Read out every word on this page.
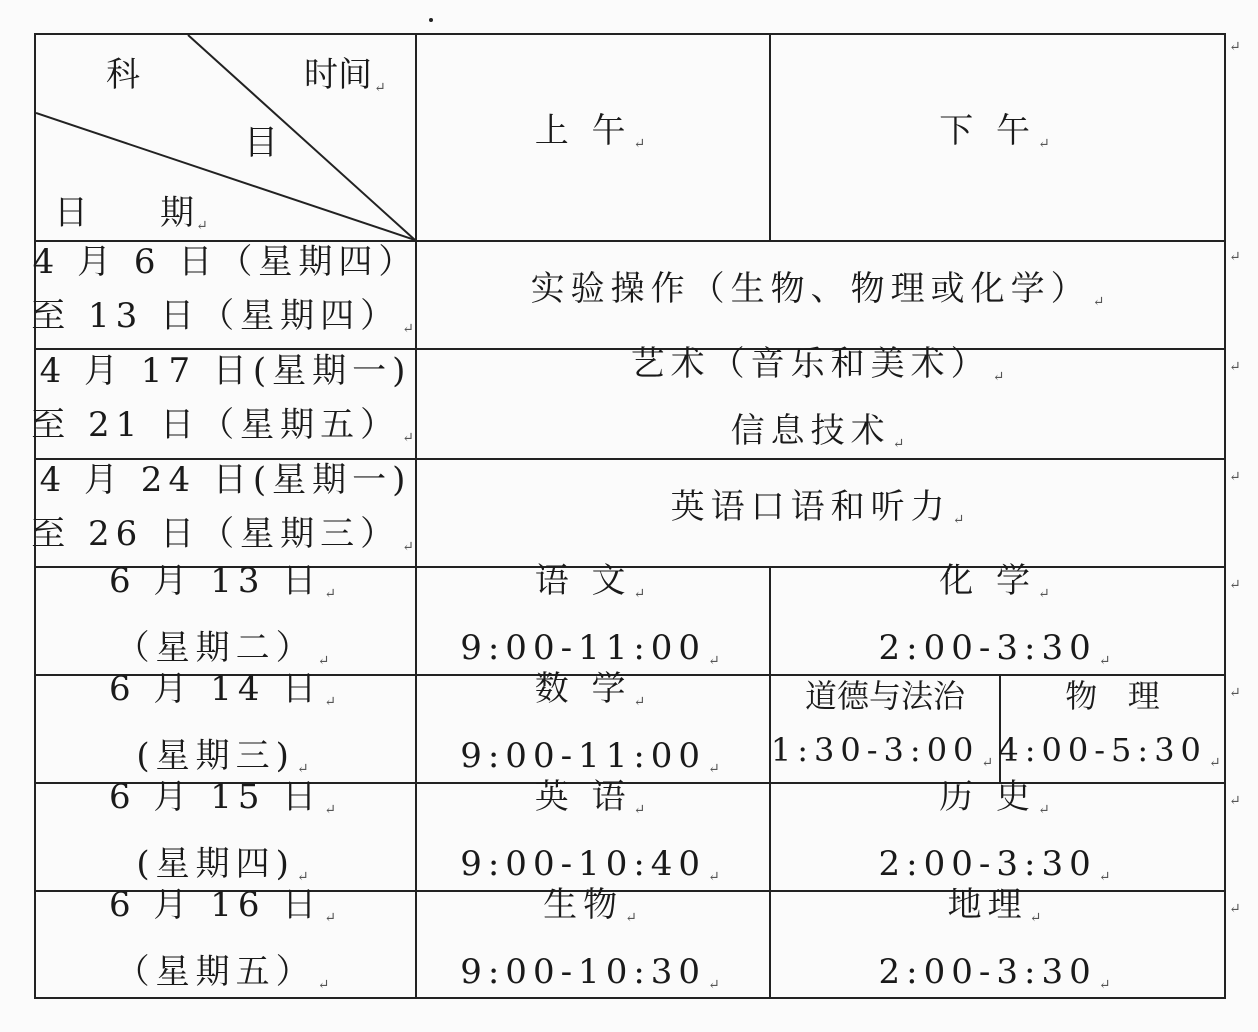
时间 ↵
科
目
日 期 ↵
上 午 ↵	下 午 ↵
4 月 6 日（星期四）
至 13 日（星期四） ↵
实验操作（生物、物理或化学） ↵
4 月 17 日(星期一)
至 21 日（星期五） ↵
艺术（音乐和美术） ↵
信息技术 ↵
4 月 24 日(星期一)
至 26 日（星期三） ↵
英语口语和听力 ↵
6 月 13 日 ↵
（星期二） ↵
语 文 ↵
9:00-11:00 ↵
化 学 ↵
2:00-3:30 ↵
6 月 14 日 ↵
(星期三) ↵
数 学 ↵
9:00-11:00 ↵
道德与法治
1:30-3:00 ↵
物   理
4:00-5:30 ↵
6 月 15 日 ↵
(星期四) ↵
英 语 ↵
9:00-10:40 ↵
历 史 ↵
2:00-3:30 ↵
6 月 16 日 ↵
（星期五） ↵
生物 ↵
9:00-10:30 ↵
地理 ↵
2:00-3:30 ↵
↵
↵
↵
↵
↵
↵
↵
↵
